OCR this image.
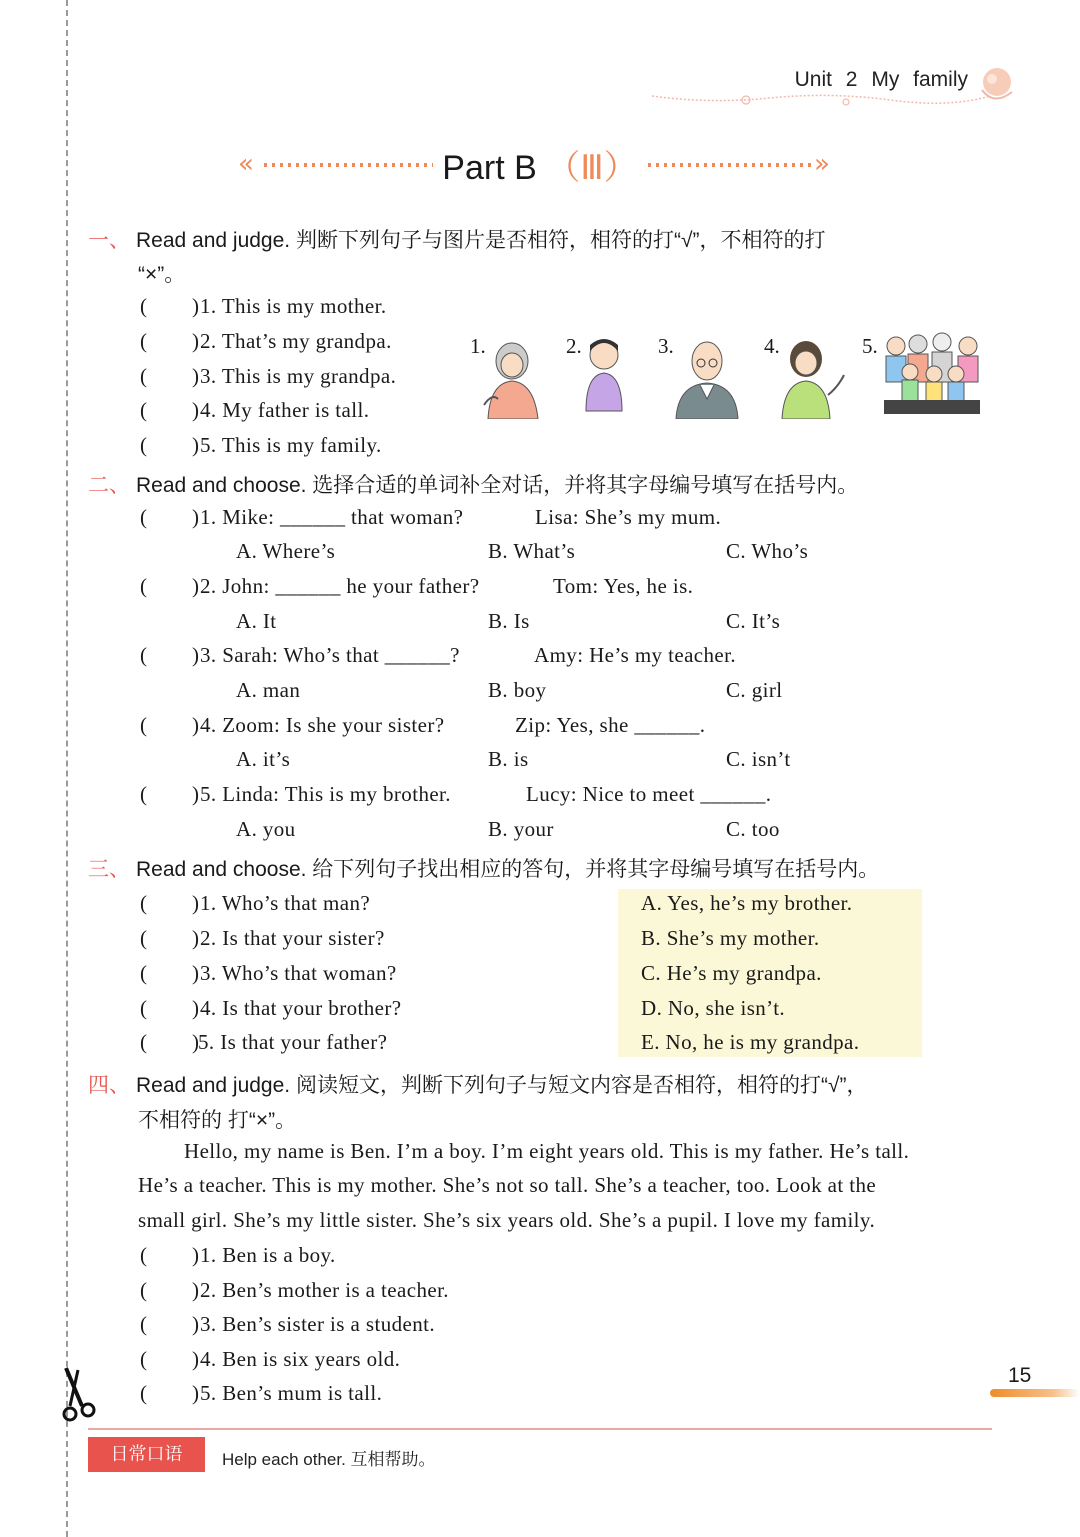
Unit 2 My family
«	»
Part B （Ⅲ）
一、 Read and judge. 判断下列句子与图片是否相符，相符的打“√”，不相符的打
“×”。
( ) 1. This is my mother.
( ) 2. That’s my grandpa.
( ) 3. This is my grandpa.
( ) 4. My father is tall.
( ) 5. This is my family.
1.	2.	3.	4.	5.
二、 Read and choose. 选择合适的单词补全对话，并将其字母编号填写在括号内。
( ) 1. Mike: ______ that woman?	Lisa: She’s my mum.
A. Where’s	B. What’s	C. Who’s
( ) 2. John: ______ he your father?	Tom: Yes, he is.
A. It	B. Is	C. It’s
( ) 3. Sarah: Who’s that ______?	Amy: He’s my teacher.
A. man	B. boy	C. girl
( ) 4. Zoom: Is she your sister?	Zip: Yes, she ______.
A. it’s	B. is	C. isn’t
( ) 5. Linda: This is my brother.	Lucy: Nice to meet ______.
A. you	B. your	C. too
三、 Read and choose. 给下列句子找出相应的答句，并将其字母编号填写在括号内。
( ) 1. Who’s that man?	A. Yes, he’s my brother.
( ) 2. Is that your sister?	B. She’s my mother.
( ) 3. Who’s that woman?	C. He’s my grandpa.
( ) 4. Is that your brother?	D. No, she isn’t.
( ) 5. Is that your father?	E. No, he is my grandpa.
四、 Read and judge. 阅读短文，判断下列句子与短文内容是否相符，相符的打“√”，
不相符的 打“×”。
Hello, my name is Ben. I’m a boy. I’m eight years old. This is my father. He’s tall.
He’s a teacher. This is my mother. She’s not so tall. She’s a teacher, too. Look at the
small girl. She’s my little sister. She’s six years old. She’s a pupil. I love my family.
( ) 1. Ben is a boy.
( ) 2. Ben’s mother is a teacher.
( ) 3. Ben’s sister is a student.
( ) 4. Ben is six years old.
( ) 5. Ben’s mum is tall.
15
日常口语	Help each other. 互相帮助。
